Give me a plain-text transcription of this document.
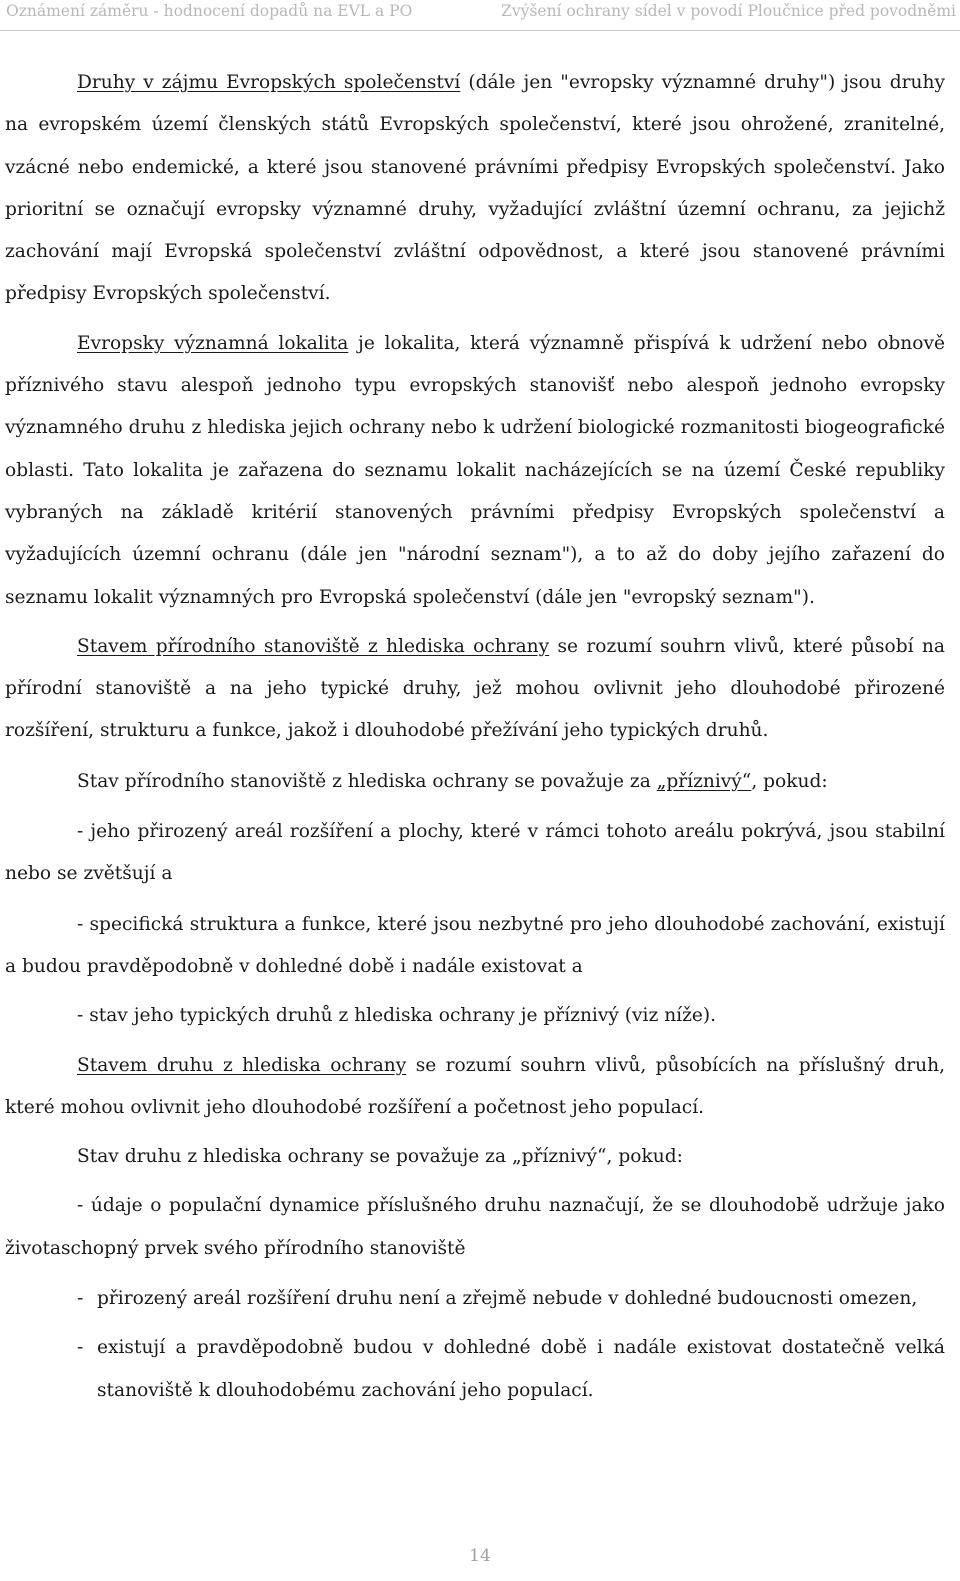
Oznámení záměru - hodnocení dopadů na EVL a PO	Zvýšení ochrany sídel v povodí Ploučnice před povodněmi

Druhy v zájmu Evropských společenství (dále jen "evropsky významné druhy") jsou druhy na evropském území členských států Evropských společenství, které jsou ohrožené, zranitelné, vzácné nebo endemické, a které jsou stanovené právními předpisy Evropských společenství. Jako prioritní se označují evropsky významné druhy, vyžadující zvláštní územní ochranu, za jejichž zachování mají Evropská společenství zvláštní odpovědnost, a které jsou stanovené právními předpisy Evropských společenství.

Evropsky významná lokalita je lokalita, která významně přispívá k udržení nebo obnově příznivého stavu alespoň jednoho typu evropských stanovišť nebo alespoň jednoho evropsky významného druhu z hlediska jejich ochrany nebo k udržení biologické rozmanitosti biogeografické oblasti. Tato lokalita je zařazena do seznamu lokalit nacházejících se na území České republiky vybraných na základě kritérií stanovených právními předpisy Evropských společenství a vyžadujících územní ochranu (dále jen "národní seznam"), a to až do doby jejího zařazení do seznamu lokalit významných pro Evropská společenství (dále jen "evropský seznam").

Stavem přírodního stanoviště z hlediska ochrany se rozumí souhrn vlivů, které působí na přírodní stanoviště a na jeho typické druhy, jež mohou ovlivnit jeho dlouhodobé přirozené rozšíření, strukturu a funkce, jakož i dlouhodobé přežívání jeho typických druhů.

Stav přírodního stanoviště z hlediska ochrany se považuje za „příznivý“, pokud:

- jeho přirozený areál rozšíření a plochy, které v rámci tohoto areálu pokrývá, jsou stabilní nebo se zvětšují a

- specifická struktura a funkce, které jsou nezbytné pro jeho dlouhodobé zachování, existují a budou pravděpodobně v dohledné době i nadále existovat a

- stav jeho typických druhů z hlediska ochrany je příznivý (viz níže).

Stavem druhu z hlediska ochrany se rozumí souhrn vlivů, působících na příslušný druh, které mohou ovlivnit jeho dlouhodobé rozšíření a početnost jeho populací.

Stav druhu z hlediska ochrany se považuje za „příznivý“, pokud:

- údaje o populační dynamice příslušného druhu naznačují, že se dlouhodobě udržuje jako životaschopný prvek svého přírodního stanoviště

- přirozený areál rozšíření druhu není a zřejmě nebude v dohledné budoucnosti omezen,
- existují a pravděpodobně budou v dohledné době i nadále existovat dostatečně velká stanoviště k dlouhodobému zachování jeho populací.
14
